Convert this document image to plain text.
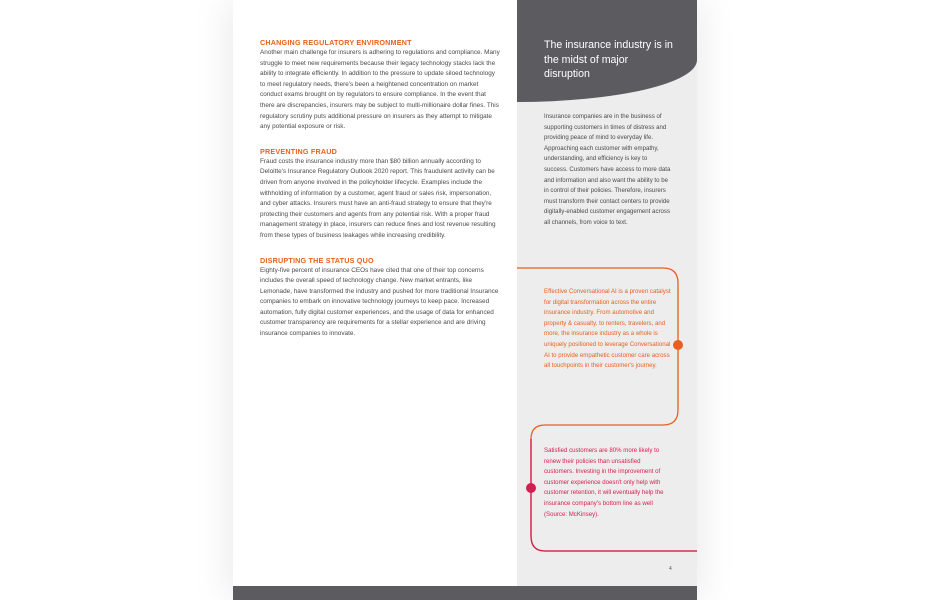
CHANGING REGULATORY ENVIRONMENT

Another main challenge for insurers is adhering to regulations and compliance. Many struggle to meet new requirements because their legacy technology stacks lack the ability to integrate efficiently. In addition to the pressure to update siloed technology to meet regulatory needs, there's been a heightened concentration on market conduct exams brought on by regulators to ensure compliance. In the event that there are discrepancies, insurers may be subject to multi-millionaire dollar fines. This regulatory scrutiny puts additional pressure on insurers as they attempt to mitigate any potential exposure or risk.

PREVENTING FRAUD

Fraud costs the insurance industry more than $80 billion annually according to Deloitte's Insurance Regulatory Outlook 2020 report. This fraudulent activity can be driven from anyone involved in the policyholder lifecycle. Examples include the withholding of information by a customer, agent fraud or sales risk, impersonation, and cyber attacks. Insurers must have an anti-fraud strategy to ensure that they're protecting their customers and agents from any potential risk. With a proper fraud management strategy in place, insurers can reduce fines and lost revenue resulting from these types of business leakages while increasing credibility.

DISRUPTING THE STATUS QUO

Eighty-five percent of insurance CEOs have cited that one of their top concerns includes the overall speed of technology change. New market entrants, like Lemonade, have transformed the industry and pushed for more traditional Insurance companies to embark on innovative technology journeys to keep pace. Increased automation, fully digital customer experiences, and the usage of data for enhanced customer transparency are requirements for a stellar experience and are driving insurance companies to innovate.

The insurance industry is in the midst of major disruption

Insurance companies are in the business of supporting customers in times of distress and providing peace of mind to everyday life. Approaching each customer with empathy, understanding, and efficiency is key to success. Customers have access to more data and information and also want the ability to be in control of their policies. Therefore, insurers must transform their contact centers to provide digitally-enabled customer engagement across all channels, from voice to text.

Effective Conversational AI is a proven catalyst for digital transformation across the entire insurance industry. From automotive and property & casualty, to renters, travelers, and more, the insurance industry as a whole is uniquely positioned to leverage Conversational AI to provide empathetic customer care across all touchpoints in their customer's journey.

Satisfied customers are 80% more likely to renew their policies than unsatisfied customers. Investing in the improvement of customer experience doesn't only help with customer retention, it will eventually help the insurance company's bottom line as well (Source: McKinsey).

4
